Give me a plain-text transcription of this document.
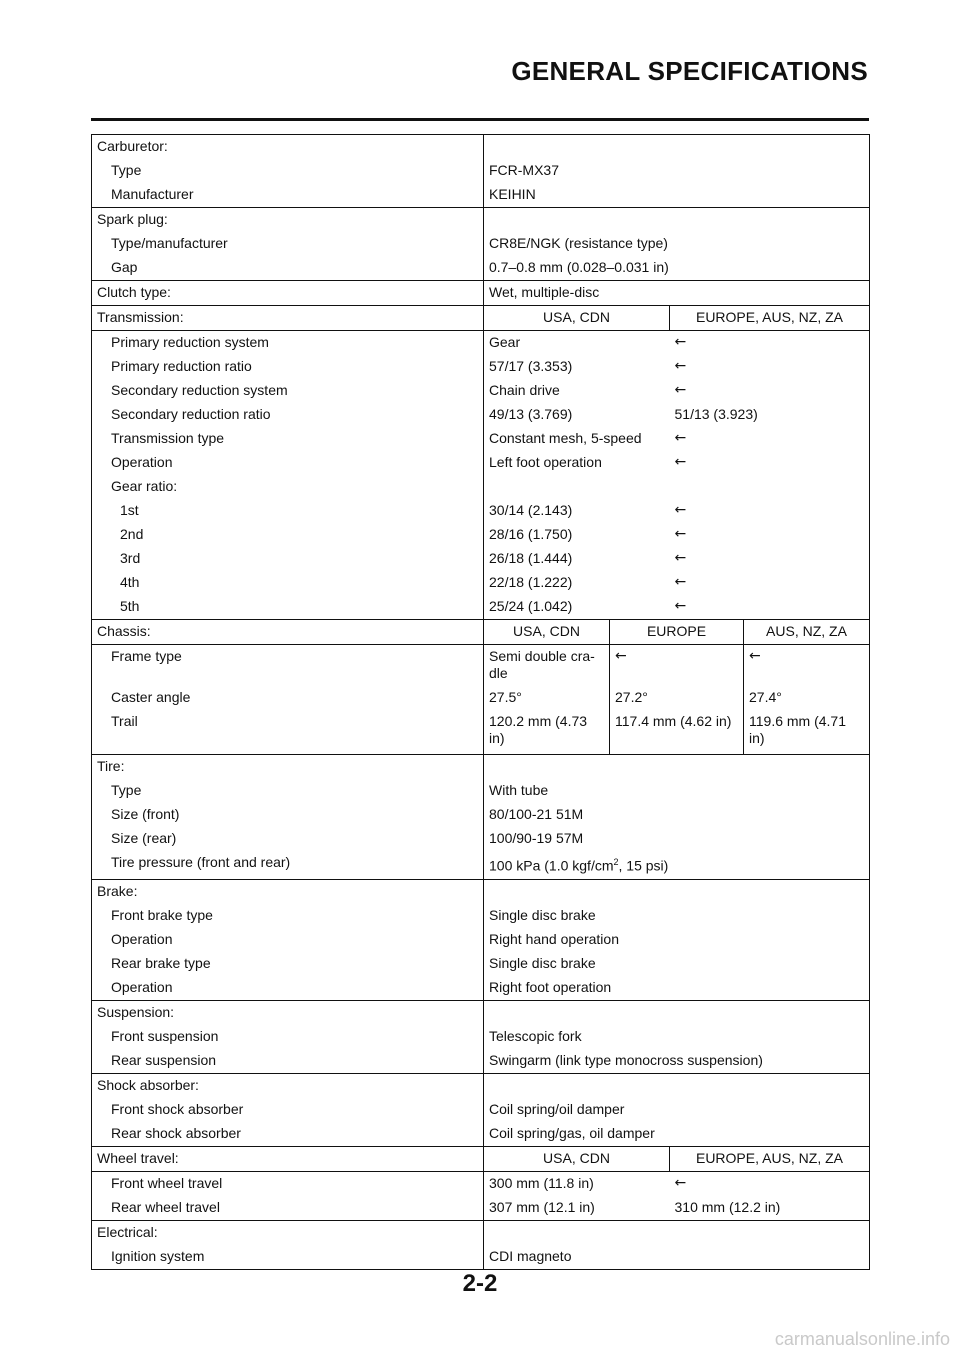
GENERAL SPECIFICATIONS
Carburetor:				
Type	FCR-MX37			
Manufacturer	KEIHIN			
Spark plug:				
Type/manufacturer	CR8E/NGK (resistance type)			
Gap	0.7–0.8 mm (0.028–0.031 in)			
Clutch type:	Wet, multiple-disc			
Transmission:	USA, CDN		EUROPE, AUS, NZ, ZA	
Primary reduction system	Gear		←	
Primary reduction ratio	57/17 (3.353)		←	
Secondary reduction system	Chain drive		←	
Secondary reduction ratio	49/13 (3.769)		51/13 (3.923)	
Transmission type	Constant mesh, 5-speed		←	
Operation	Left foot operation		←	
Gear ratio:				
1st	30/14 (2.143)		←	
2nd	28/16 (1.750)		←	
3rd	26/18 (1.444)		←	
4th	22/18 (1.222)		←	
5th	25/24 (1.042)		←	
Chassis:	USA, CDN	EUROPE		AUS, NZ, ZA
Frame type	Semi double cra-dle	←		←
Caster angle	27.5°	27.2°		27.4°
Trail	120.2 mm (4.73 in)	117.4 mm (4.62 in)		119.6 mm (4.71 in)
Tire:				
Type	With tube			
Size (front)	80/100-21 51M			
Size (rear)	100/90-19 57M			
Tire pressure (front and rear)	100 kPa (1.0 kgf/$cm^2$, 15 psi)			
Brake:				
Front brake type	Single disc brake			
Operation	Right hand operation			
Rear brake type	Single disc brake			
Operation	Right foot operation			
Suspension:				
Front suspension	Telescopic fork			
Rear suspension	Swingarm (link type monocross suspension)			
Shock absorber:				
Front shock absorber	Coil spring/oil damper			
Rear shock absorber	Coil spring/gas, oil damper			
Wheel travel:	USA, CDN		EUROPE, AUS, NZ, ZA	
Front wheel travel	300 mm (11.8 in)		←	
Rear wheel travel	307 mm (12.1 in)		310 mm (12.2 in)	
Electrical:				
Ignition system	CDI magneto			
2-2
carmanualsonline.info
